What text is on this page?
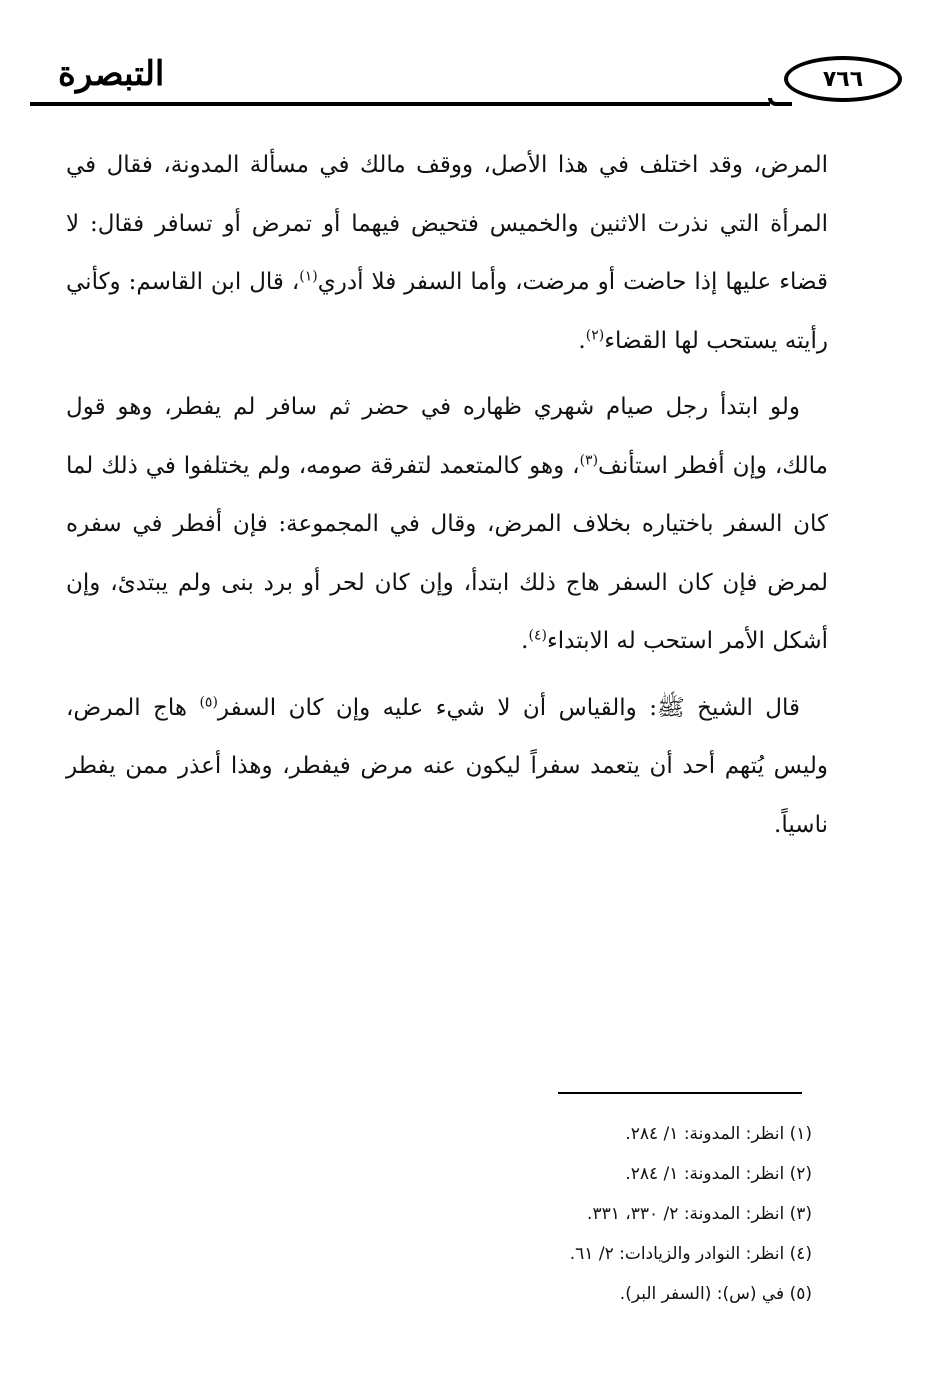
التبصرة	٧٦٦

المرض، وقد اختلف في هذا الأصل، ووقف مالك في مسألة المدونة، فقال في المرأة التي نذرت الاثنين والخميس فتحيض فيهما أو تمرض أو تسافر فقال: لا قضاء عليها إذا حاضت أو مرضت، وأما السفر فلا أدري$^{(١)}$، قال ابن القاسم: وكأني رأيته يستحب لها القضاء$^{(٢)}$.

ولو ابتدأ رجل صيام شهري ظهاره في حضر ثم سافر لم يفطر، وهو قول مالك، وإن أفطر استأنف$^{(٣)}$، وهو كالمتعمد لتفرقة صومه، ولم يختلفوا في ذلك لما كان السفر باختياره بخلاف المرض، وقال في المجموعة: فإن أفطر في سفره لمرض فإن كان السفر هاج ذلك ابتدأ، وإن كان لحر أو برد بنى ولم يبتدئ، وإن أشكل الأمر استحب له الابتداء$^{(٤)}$.

قال الشيخ ﷺ: والقياس أن لا شيء عليه وإن كان السفر$^{(٥)}$ هاج المرض، وليس يُتهم أحد أن يتعمد سفراً ليكون عنه مرض فيفطر، وهذا أعذر ممن يفطر ناسياً.

(١) انظر: المدونة: ١/ ٢٨٤.
(٢) انظر: المدونة: ١/ ٢٨٤.
(٣) انظر: المدونة: ٢/ ٣٣٠، ٣٣١.
(٤) انظر: النوادر والزيادات: ٢/ ٦١.
(٥) في (س): (السفر البر).
